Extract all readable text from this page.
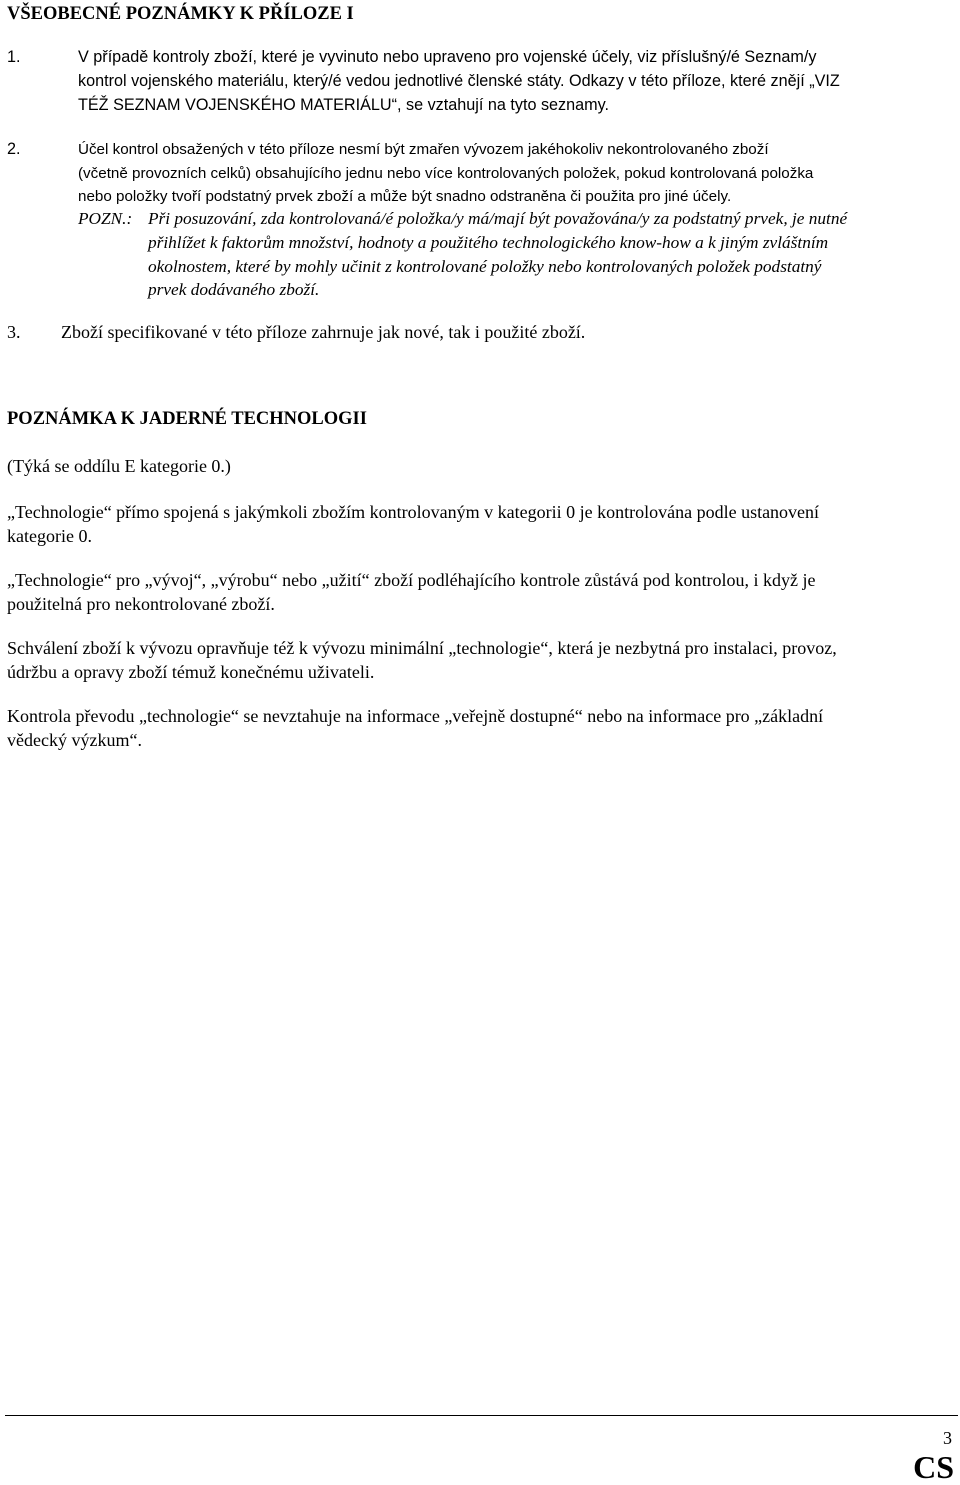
VŠEOBECNÉ POZNÁMKY K PŘÍLOZE I
1.	V případě kontroly zboží, které je vyvinuto nebo upraveno pro vojenské účely, viz příslušný/é Seznam/y
kontrol vojenského materiálu, který/é vedou jednotlivé členské státy. Odkazy v této příloze, které znějí „VIZ
TÉŽ SEZNAM VOJENSKÉHO MATERIÁLU“, se vztahují na tyto seznamy.
2.	Účel kontrol obsažených v této příloze nesmí být zmařen vývozem jakéhokoliv nekontrolovaného zboží
(včetně provozních celků) obsahujícího jednu nebo více kontrolovaných položek, pokud kontrolovaná položka
nebo položky tvoří podstatný prvek zboží a může být snadno odstraněna či použita pro jiné účely.
POZN.: Při posuzování, zda kontrolovaná/é položka/y má/mají být považována/y za podstatný prvek, je nutné
přihlížet k faktorům množství, hodnoty a použitého technologického know-how a k jiným zvláštním
okolnostem, které by mohly učinit z kontrolované položky nebo kontrolovaných položek podstatný
prvek dodávaného zboží.
3. Zboží specifikované v této příloze zahrnuje jak nové, tak i použité zboží.
POZNÁMKA K JADERNÉ TECHNOLOGII
(Týká se oddílu E kategorie 0.)
„Technologie“ přímo spojená s jakýmkoli zbožím kontrolovaným v kategorii 0 je kontrolována podle ustanovení
kategorie 0.
„Technologie“ pro „vývoj“, „výrobu“ nebo „užití“ zboží podléhajícího kontrole zůstává pod kontrolou, i když je
použitelná pro nekontrolované zboží.
Schválení zboží k vývozu opravňuje též k vývozu minimální „technologie“, která je nezbytná pro instalaci, provoz,
údržbu a opravy zboží témuž konečnému uživateli.
Kontrola převodu „technologie“ se nevztahuje na informace „veřejně dostupné“ nebo na informace pro „základní
vědecký výzkum“.
3
CS
